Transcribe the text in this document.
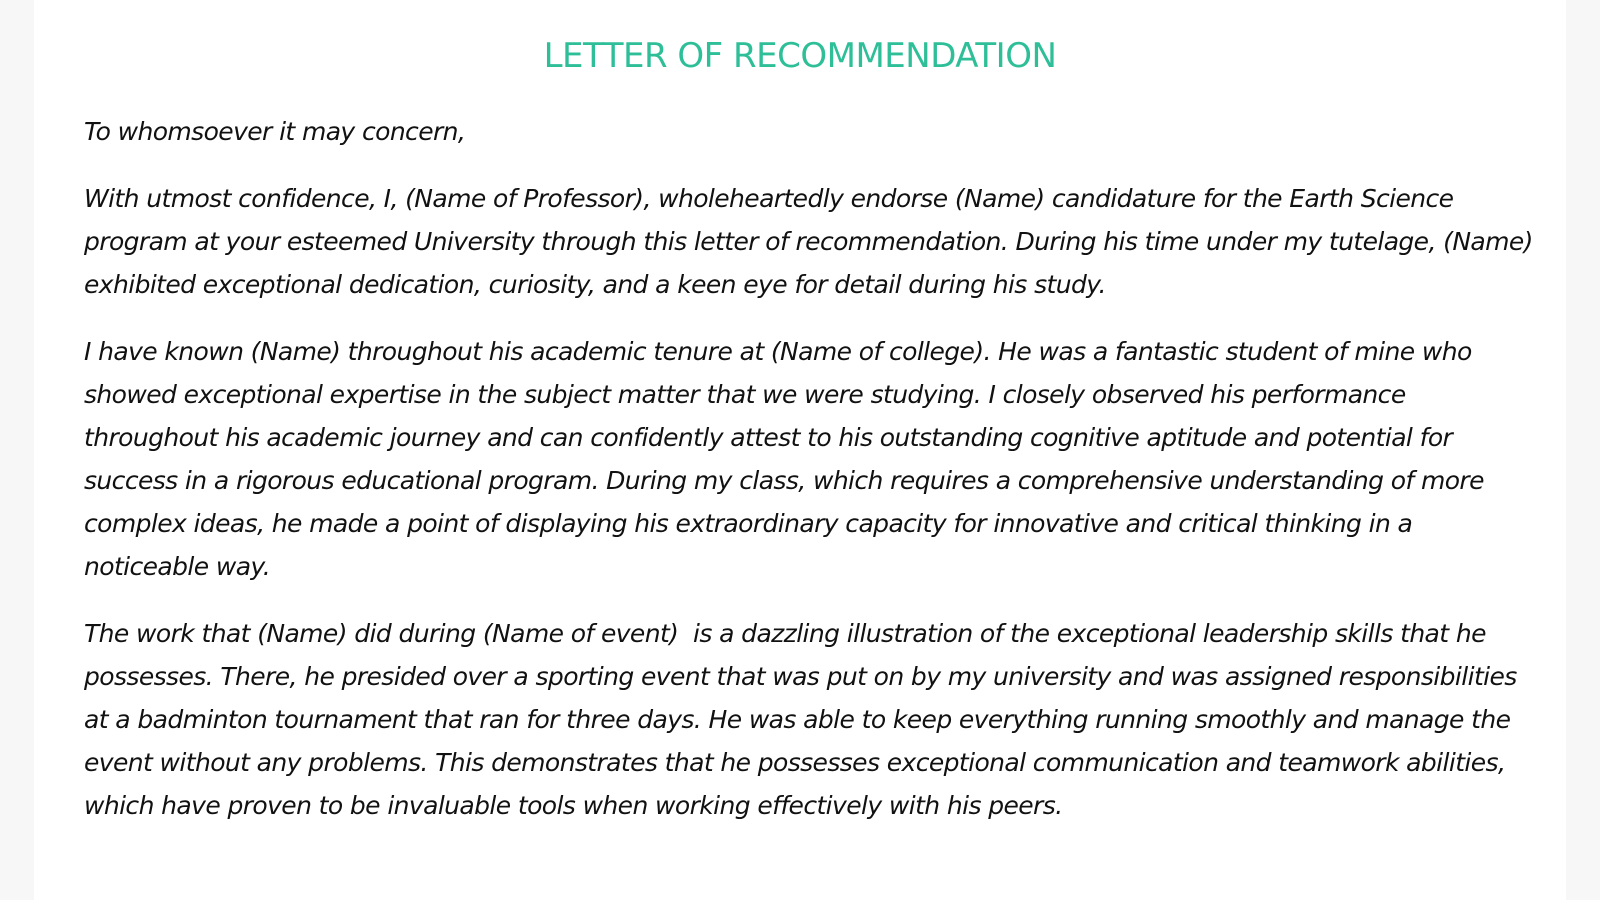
LETTER OF RECOMMENDATION

To whomsoever it may concern,

With utmost confidence, I, (Name of Professor), wholeheartedly endorse (Name) candidature for the Earth Science program at your esteemed University through this letter of recommendation. During his time under my tutelage, (Name) exhibited exceptional dedication, curiosity, and a keen eye for detail during his study.

I have known (Name) throughout his academic tenure at (Name of college). He was a fantastic student of mine who showed exceptional expertise in the subject matter that we were studying. I closely observed his performance throughout his academic journey and can confidently attest to his outstanding cognitive aptitude and potential for success in a rigorous educational program. During my class, which requires a comprehensive understanding of more complex ideas, he made a point of displaying his extraordinary capacity for innovative and critical thinking in a noticeable way.

The work that (Name) did during (Name of event)  is a dazzling illustration of the exceptional leadership skills that he possesses. There, he presided over a sporting event that was put on by my university and was assigned responsibilities at a badminton tournament that ran for three days. He was able to keep everything running smoothly and manage the event without any problems. This demonstrates that he possesses exceptional communication and teamwork abilities, which have proven to be invaluable tools when working effectively with his peers.
